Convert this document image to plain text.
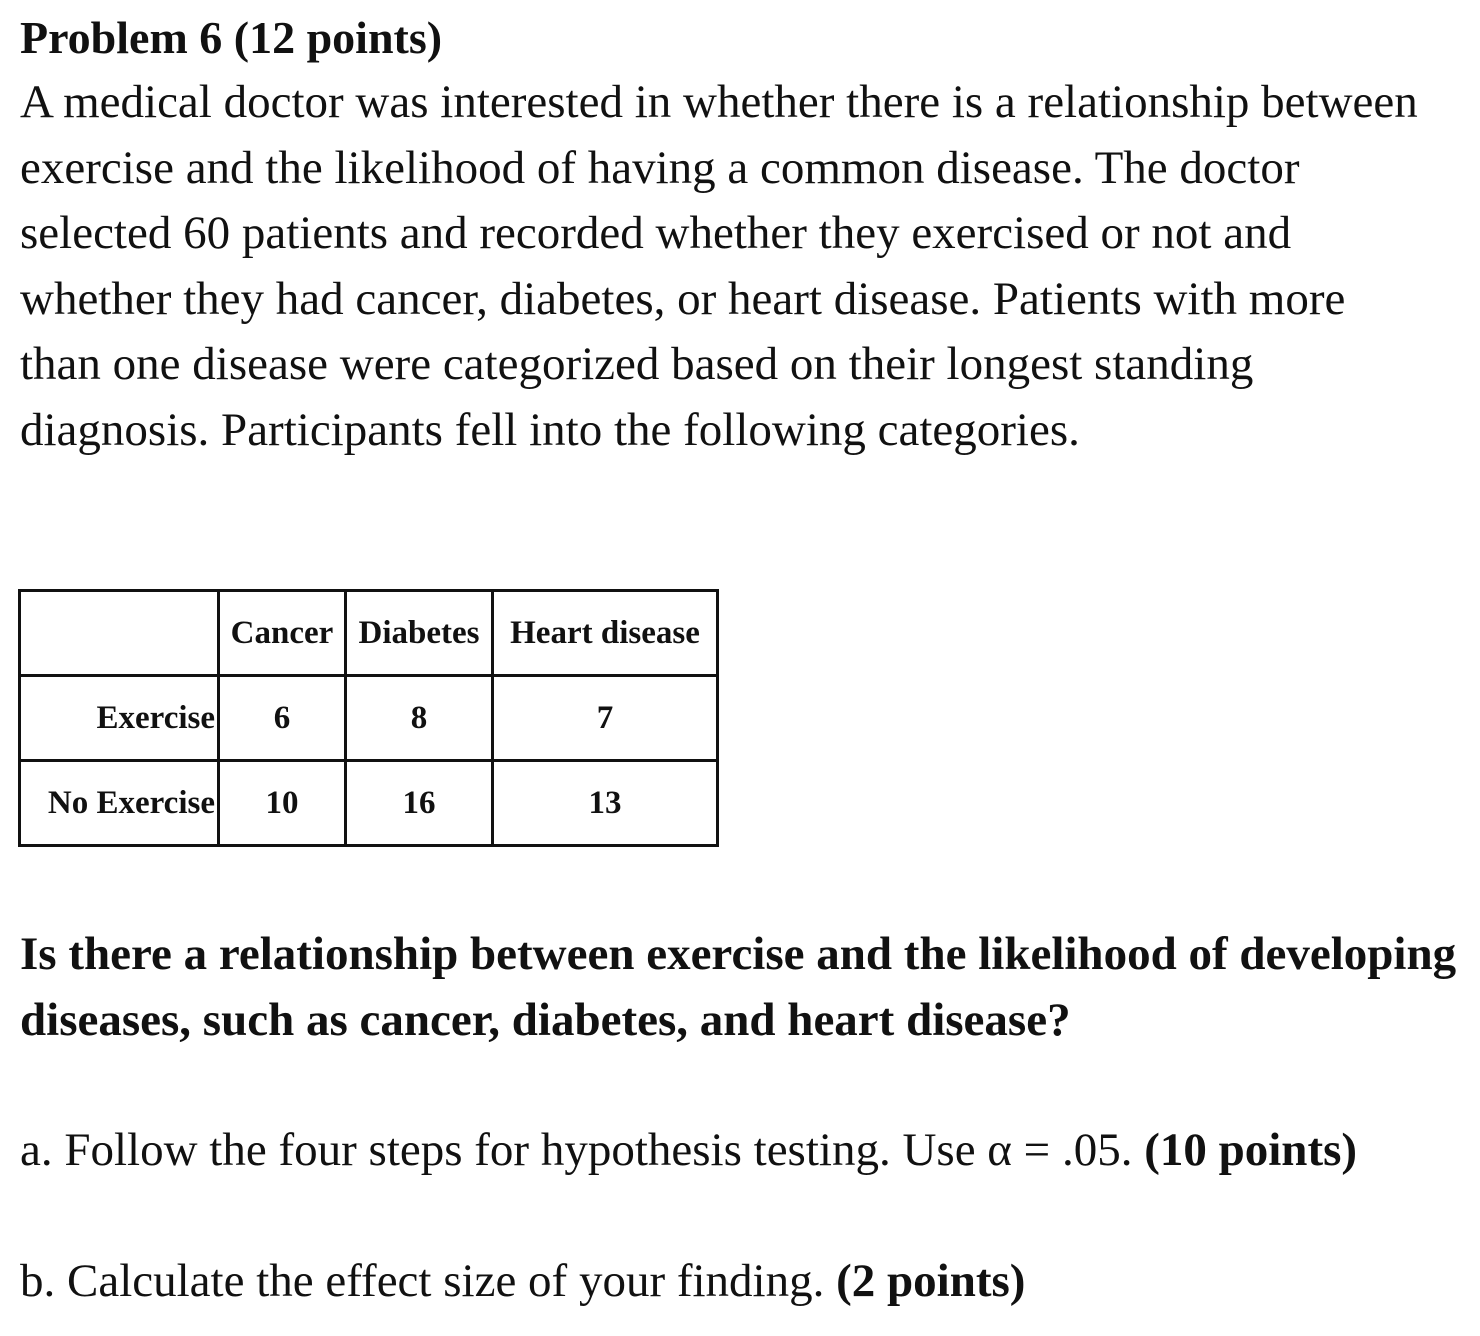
Problem 6 (12 points)

A medical doctor was interested in whether there is a relationship between exercise and the likelihood of having a common disease. The doctor selected 60 patients and recorded whether they exercised or not and whether they had cancer, diabetes, or heart disease. Patients with more than one disease were categorized based on their longest standing diagnosis. Participants fell into the following categories.

	Cancer	Diabetes	Heart disease
Exercise	6	8	7
No Exercise	10	16	13

Is there a relationship between exercise and the likelihood of developing diseases, such as cancer, diabetes, and heart disease?

a. Follow the four steps for hypothesis testing. Use α = .05. (10 points)

b. Calculate the effect size of your finding. (2 points)
